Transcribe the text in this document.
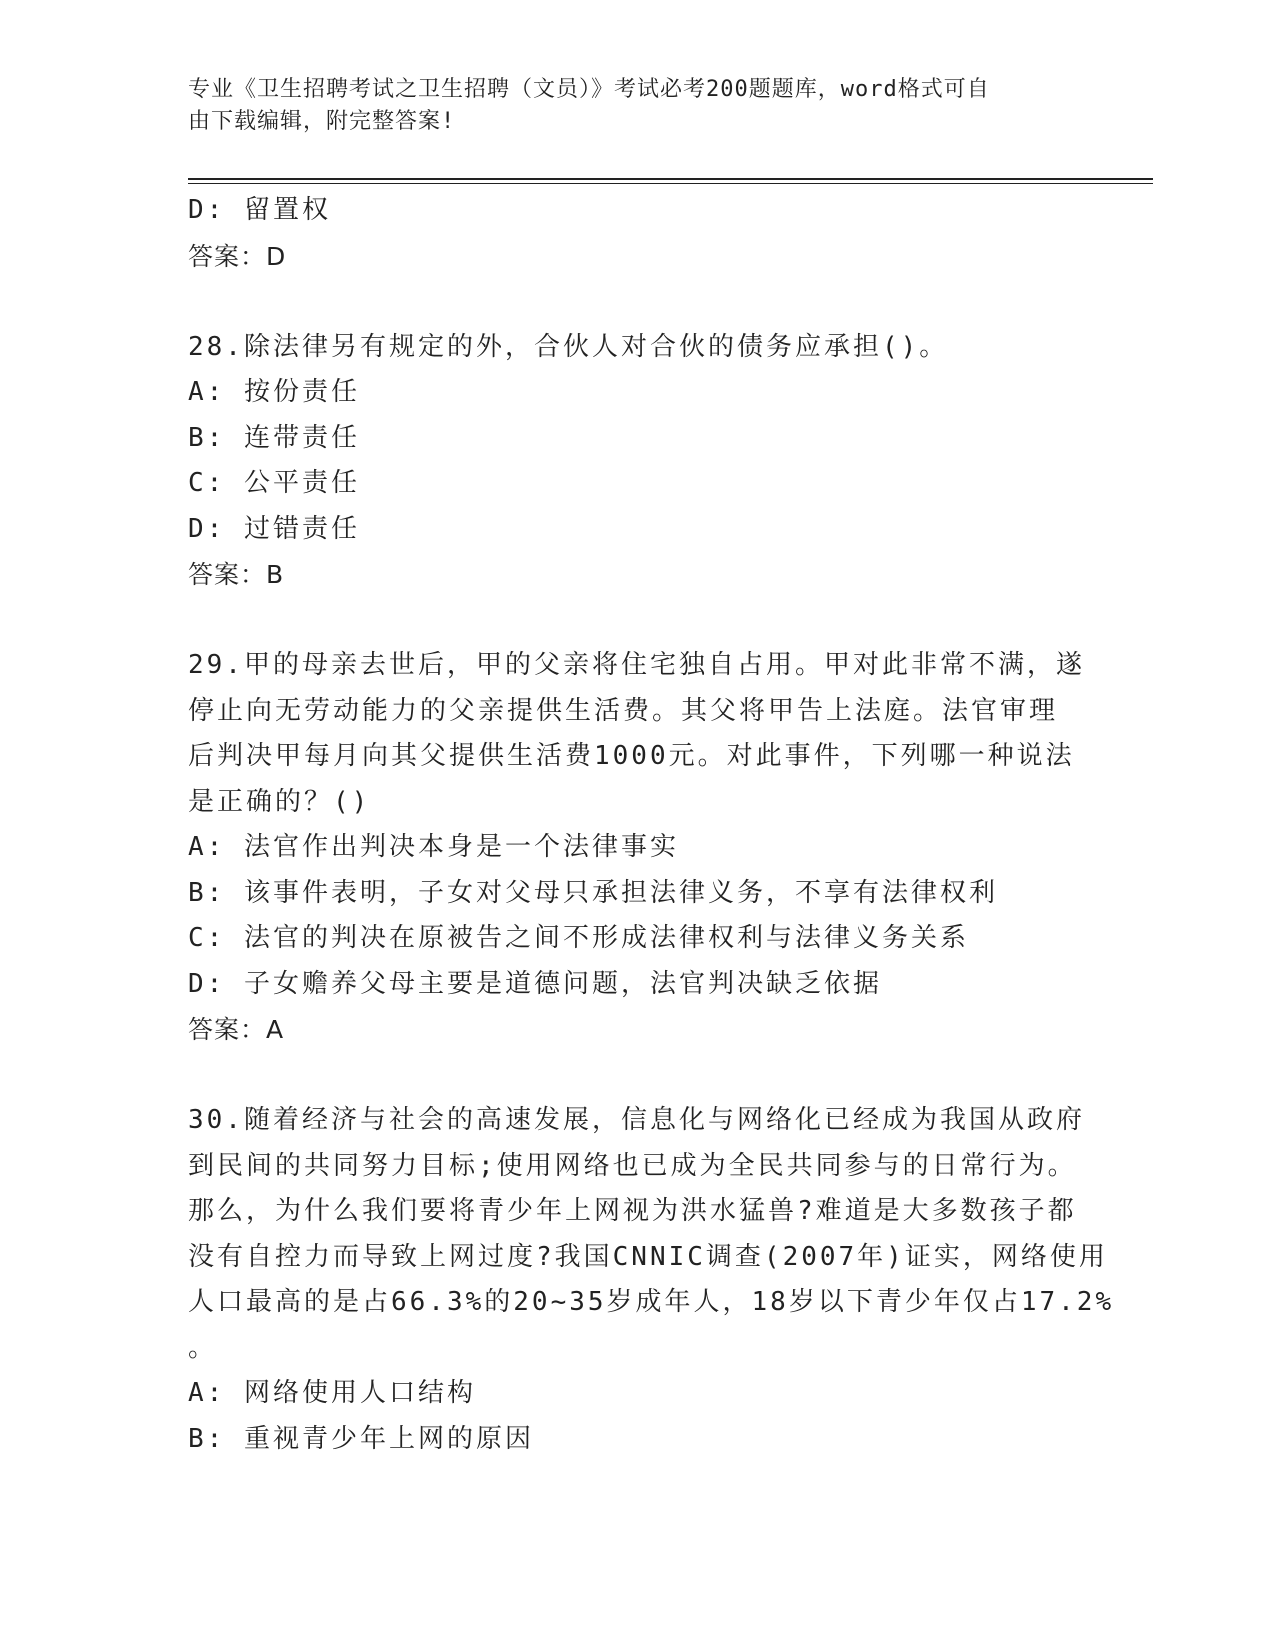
专业《卫生招聘考试之卫生招聘（文员）》考试必考200题题库，word格式可自
由下载编辑，附完整答案!
D: 留置权
答案：D
28.除法律另有规定的外，合伙人对合伙的债务应承担()。
A: 按份责任
B: 连带责任
C: 公平责任
D: 过错责任
答案：B
29.甲的母亲去世后，甲的父亲将住宅独自占用。甲对此非常不满，遂
停止向无劳动能力的父亲提供生活费。其父将甲告上法庭。法官审理
后判决甲每月向其父提供生活费1000元。对此事件，下列哪一种说法
是正确的？()
A: 法官作出判决本身是一个法律事实
B: 该事件表明，子女对父母只承担法律义务，不享有法律权利
C: 法官的判决在原被告之间不形成法律权利与法律义务关系
D: 子女赡养父母主要是道德问题，法官判决缺乏依据
答案：A
30.随着经济与社会的高速发展，信息化与网络化已经成为我国从政府
到民间的共同努力目标;使用网络也已成为全民共同参与的日常行为。
那么，为什么我们要将青少年上网视为洪水猛兽?难道是大多数孩子都
没有自控力而导致上网过度?我国CNNIC调查(2007年)证实，网络使用
人口最高的是占66.3%的20~35岁成年人，18岁以下青少年仅占17.2%
。
A: 网络使用人口结构
B: 重视青少年上网的原因
